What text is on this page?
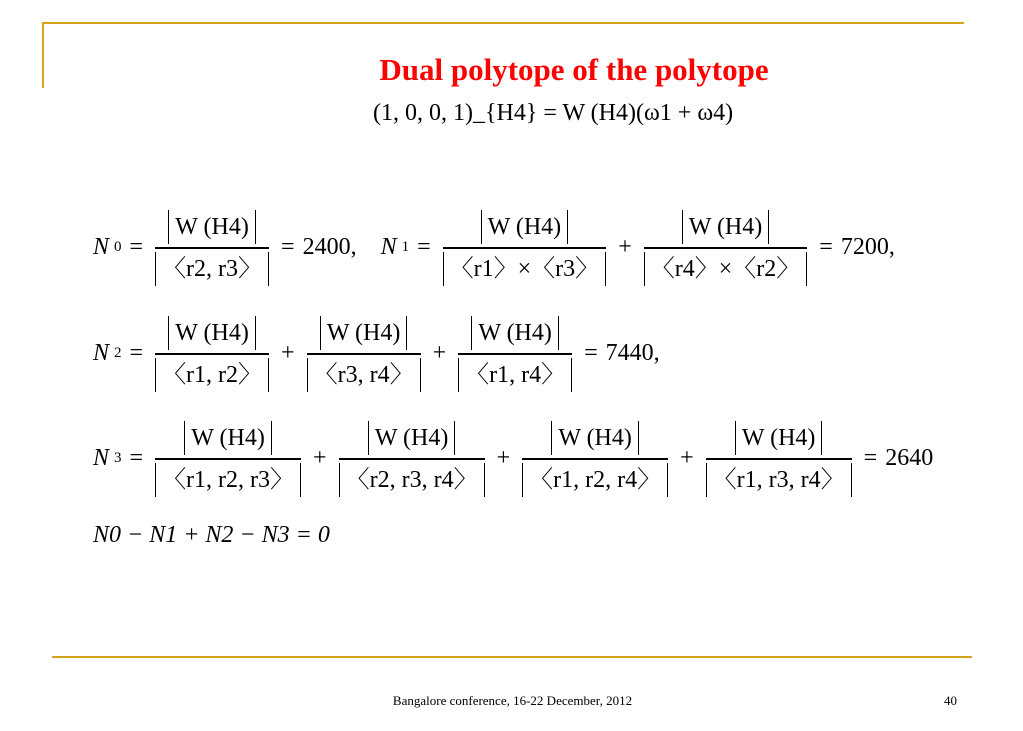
Dual polytope of the polytope
(1, 0, 0, 1)_{H4} = W (H4)(ω1 + ω4)
N $0 = \frac{W (H4)}{〈r2, r3〉} = 2400$, N $1 = \frac{W (H4)}{〈r1〉\times〈r3〉} + \frac{W (H4)}{〈r4〉\times〈r2〉} = 7200$,
N $2 = \frac{W (H4)}{〈r1, r2〉} + \frac{W (H4)}{〈r3, r4〉} + \frac{W (H4)}{〈r1, r4〉} = 7440$,
N $3 = \frac{W (H4)}{〈r1, r2, r3〉} + \frac{W (H4)}{〈r2, r3, r4〉} + \frac{W (H4)}{〈r1, r2, r4〉} + \frac{W (H4)}{〈r1, r3, r4〉} = 2640$
N0 − N1 + N2 − N3 = 0
Bangalore conference, 16-22 December, 2012	40
